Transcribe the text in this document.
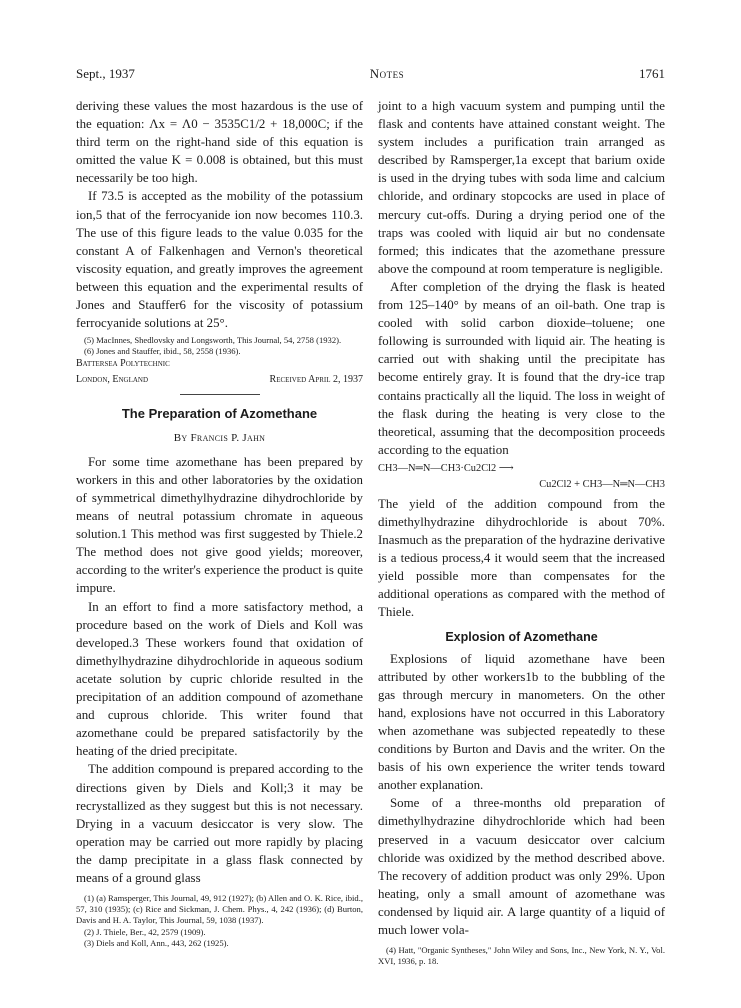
Sept., 1937	Notes	1761

deriving these values the most hazardous is the use of the equation: Λx = Λ0 − 3535C1/2 + 18,000C; if the third term on the right-hand side of this equation is omitted the value K = 0.008 is obtained, but this must necessarily be too high.

If 73.5 is accepted as the mobility of the potassium ion,5 that of the ferrocyanide ion now becomes 110.3. The use of this figure leads to the value 0.035 for the constant A of Falkenhagen and Vernon's theoretical viscosity equation, and greatly improves the agreement between this equation and the experimental results of Jones and Stauffer6 for the viscosity of potassium ferrocyanide solutions at 25°.

(5) MacInnes, Shedlovsky and Longsworth, This Journal, 54, 2758 (1932).
(6) Jones and Stauffer, ibid., 58, 2558 (1936).
Battersea Polytechnic
London, England	Received April 2, 1937
The Preparation of Azomethane
By Francis P. Jahn

For some time azomethane has been prepared by workers in this and other laboratories by the oxidation of symmetrical dimethylhydrazine dihydrochloride by means of neutral potassium chromate in aqueous solution.1 This method was first suggested by Thiele.2 The method does not give good yields; moreover, according to the writer's experience the product is quite impure.

In an effort to find a more satisfactory method, a procedure based on the work of Diels and Koll was developed.3 These workers found that oxidation of dimethylhydrazine dihydrochloride in aqueous sodium acetate solution by cupric chloride resulted in the precipitation of an addition compound of azomethane and cuprous chloride. This writer found that azomethane could be prepared satisfactorily by the heating of the dried precipitate.

The addition compound is prepared according to the directions given by Diels and Koll;3 it may be recrystallized as they suggest but this is not necessary. Drying in a vacuum desiccator is very slow. The operation may be carried out more rapidly by placing the damp precipitate in a glass flask connected by means of a ground glass

(1) (a) Ramsperger, This Journal, 49, 912 (1927); (b) Allen and O. K. Rice, ibid., 57, 310 (1935); (c) Rice and Sickman, J. Chem. Phys., 4, 242 (1936); (d) Burton, Davis and H. A. Taylor, This Journal, 59, 1038 (1937).
(2) J. Thiele, Ber., 42, 2579 (1909).
(3) Diels and Koll, Ann., 443, 262 (1925).

joint to a high vacuum system and pumping until the flask and contents have attained constant weight. The system includes a purification train arranged as described by Ramsperger,1a except that barium oxide is used in the drying tubes with soda lime and calcium chloride, and ordinary stopcocks are used in place of mercury cut-offs. During a drying period one of the traps was cooled with liquid air but no condensate formed; this indicates that the azomethane pressure above the compound at room temperature is negligible.

After completion of the drying the flask is heated from 125–140° by means of an oil-bath. One trap is cooled with solid carbon dioxide–toluene; one following is surrounded with liquid air. The heating is carried out with shaking until the precipitate has become entirely gray. It is found that the dry-ice trap contains practically all the liquid. The loss in weight of the flask during the heating is very close to the theoretical, assuming that the decomposition proceeds according to the equation

CH3—N═N—CH3·Cu2Cl2 ⟶
Cu2Cl2 + CH3—N═N—CH3

The yield of the addition compound from the dimethylhydrazine dihydrochloride is about 70%. Inasmuch as the preparation of the hydrazine derivative is a tedious process,4 it would seem that the increased yield possible more than compensates for the additional operations as compared with the method of Thiele.

Explosion of Azomethane

Explosions of liquid azomethane have been attributed by other workers1b to the bubbling of the gas through mercury in manometers. On the other hand, explosions have not occurred in this Laboratory when azomethane was subjected repeatedly to these conditions by Burton and Davis and the writer. On the basis of his own experience the writer tends toward another explanation.

Some of a three-months old preparation of dimethylhydrazine dihydrochloride which had been preserved in a vacuum desiccator over calcium chloride was oxidized by the method described above. The recovery of addition product was only 29%. Upon heating, only a small amount of azomethane was condensed by liquid air. A large quantity of a liquid of much lower vola-

(4) Hatt, "Organic Syntheses," John Wiley and Sons, Inc., New York, N. Y., Vol. XVI, 1936, p. 18.
